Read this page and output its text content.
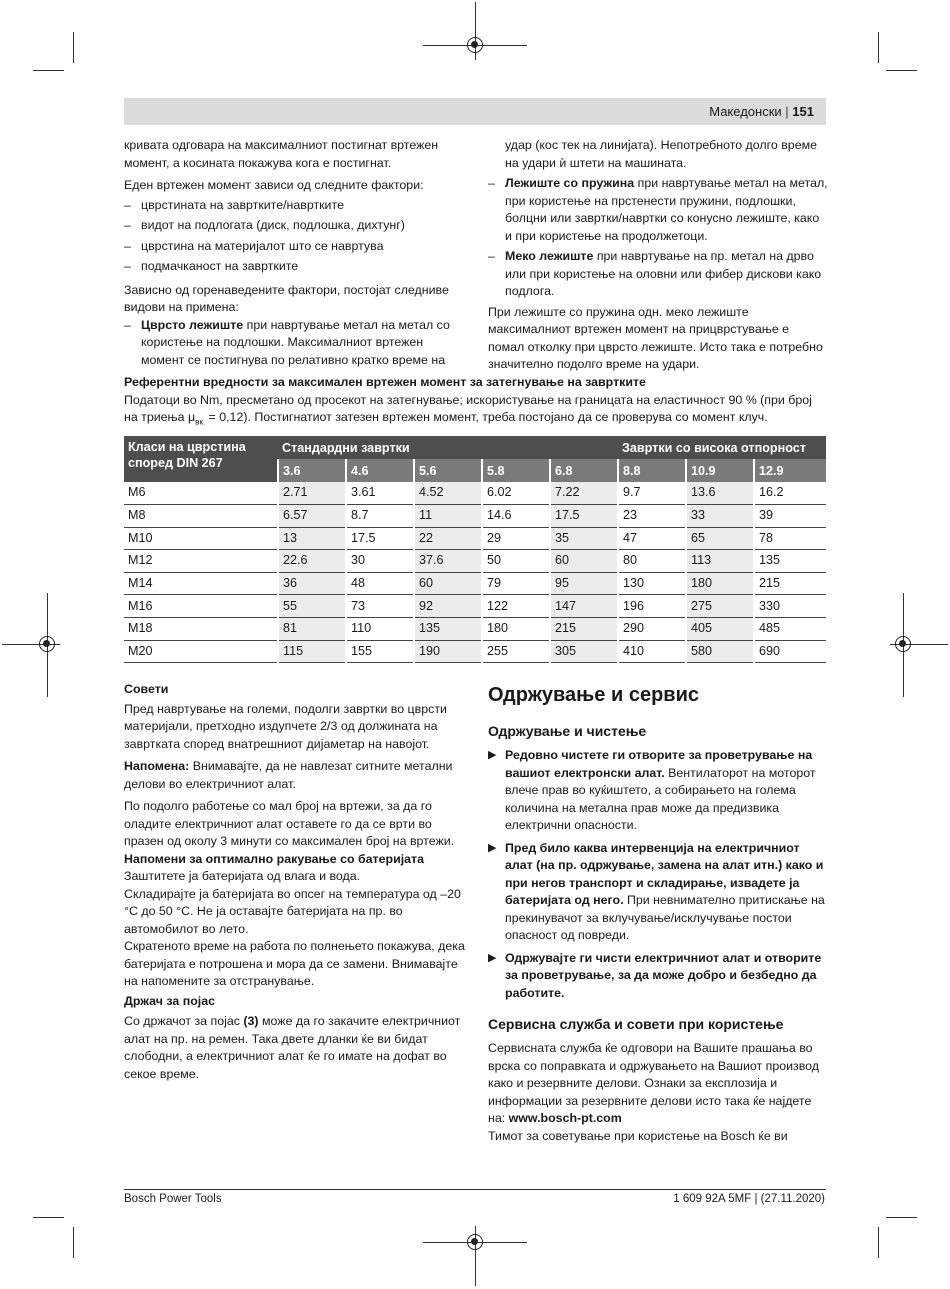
Македонски | 151
кривата одговара на максималниот постигнат вртежен момент, а косината покажува кога е постигнат.
Еден вртежен момент зависи од следните фактори:
– цврстината на завртките/наврткитe
– видот на подлогата (диск, подлошка, дихтунг)
– цврстина на материјалот што се навртува
– подмачканост на завртките
Зависно од горенаведените фактори, постојат следниве видови на примена:
– Цврсто лежиште при навртување метал на метал со користење на подлошки. Максималниот вртежен момент се постигнува по релативно кратко време на
удар (кос тек на линијата). Непотребното долго време на удари ѝ штети на машината.
– Лежиште со пружина при навртување метал на метал, при користење на прстенести пружини, подлошки, болцни или завртки/навртки со конусно лежиште, како и при користење на продолжетоци.
– Меко лежиште при навртување на пр. метал на дрво или при користење на оловни или фибер дискови како подлога.
При лежиштe со пружина одн. меко лежиште максималниот вртежен момент на прицврстување е помал отколку при цврсто лежиште. Исто така е потребно значително подолго време на удари.
Референтни вредности за максимален вртежен момент за затегнување на завртките
Податоци во Nm, пресметано од просекот на затегнување; искористување на границата на еластичност 90 % (при број на триењa $\mu_{вк.} = 0,12$). Постигнатиот затезен вртежен момент, треба постојано да се проверува со момент клуч.
Класи на цврстина според DIN 267	Стандардни завртки					Завртки со висока отпорност		
	3.6	4.6	5.6	5.8	6.8	8.8	10.9	12.9
M6	2.71	3.61	4.52	6.02	7.22	9.7	13.6	16.2
M8	6.57	8.7	11	14.6	17.5	23	33	39
M10	13	17.5	22	29	35	47	65	78
M12	22.6	30	37.6	50	60	80	113	135
M14	36	48	60	79	95	130	180	215
M16	55	73	92	122	147	196	275	330
M18	81	110	135	180	215	290	405	485
M20	115	155	190	255	305	410	580	690
Совети
Пред навртување на големи, подолги завртки во цврсти материјали, претходно издупчете 2/3 од должината на завртката според внатрешниот дијаметар на навојот.
Напомена: Внимавајте, да не навлезат ситните метални делови во електричниот алат.
По подолго работење со мал број на вртежи, за да го оладите електричниот алат оставете го да се врти во празен од околу 3 минути со максимален број на вртежи.
Напомени за оптимално ракување со батеријата
Заштитете ја батеријата од влага и вода.
Складирајте ја батеријата во опсег на температура од –20 °C до 50 °C. Не ја оставајте батеријата на пр. во автомобилот во лето.
Скратеното време на работа по полнењето покажува, дека батеријата е потрошена и мора да се замени. Внимавајте на напомените за отстранување.
Држач за појас
Со држачот за појас (3) може да го закачите електричниот алат на пр. на ремен. Така двете дланки ќе ви бидат слободни, а електричниот алат ќе го имате на дофат во секое време.
Одржување и сервис
Одржување и чистење
▶ Редовно чистете ги отворите за проветрување на вашиот електронски алат. Вентилаторот на моторот влече прав во куќиштето, а собирањето на голема количина на метална прав може да предизвика електрични опасности.
▶ Пред било каква интервенција на електричниот алат (на пр. одржување, замена на алат итн.) како и при негов транспорт и складирање, извадете ја батеријата од него. При невнимателно притискање на прекинувачот за вклучување/исклучување постои опасност од повреди.
▶ Одржувајте ги чисти електричниот алат и отворите за проветрување, за да може добро и безбедно да работите.
Сервисна служба и совети при користење
Сервисната служба ќе одговори на Вашите прашања во врска со поправката и одржувањето на Вашиот производ како и резервните делови. Ознаки за експлозија и информации за резервните делови исто така ќе најдете на: www.bosch-pt.com
Тимот за советување при користење на Bosch ќе ви
Bosch Power Tools	1 609 92A 5MF | (27.11.2020)
